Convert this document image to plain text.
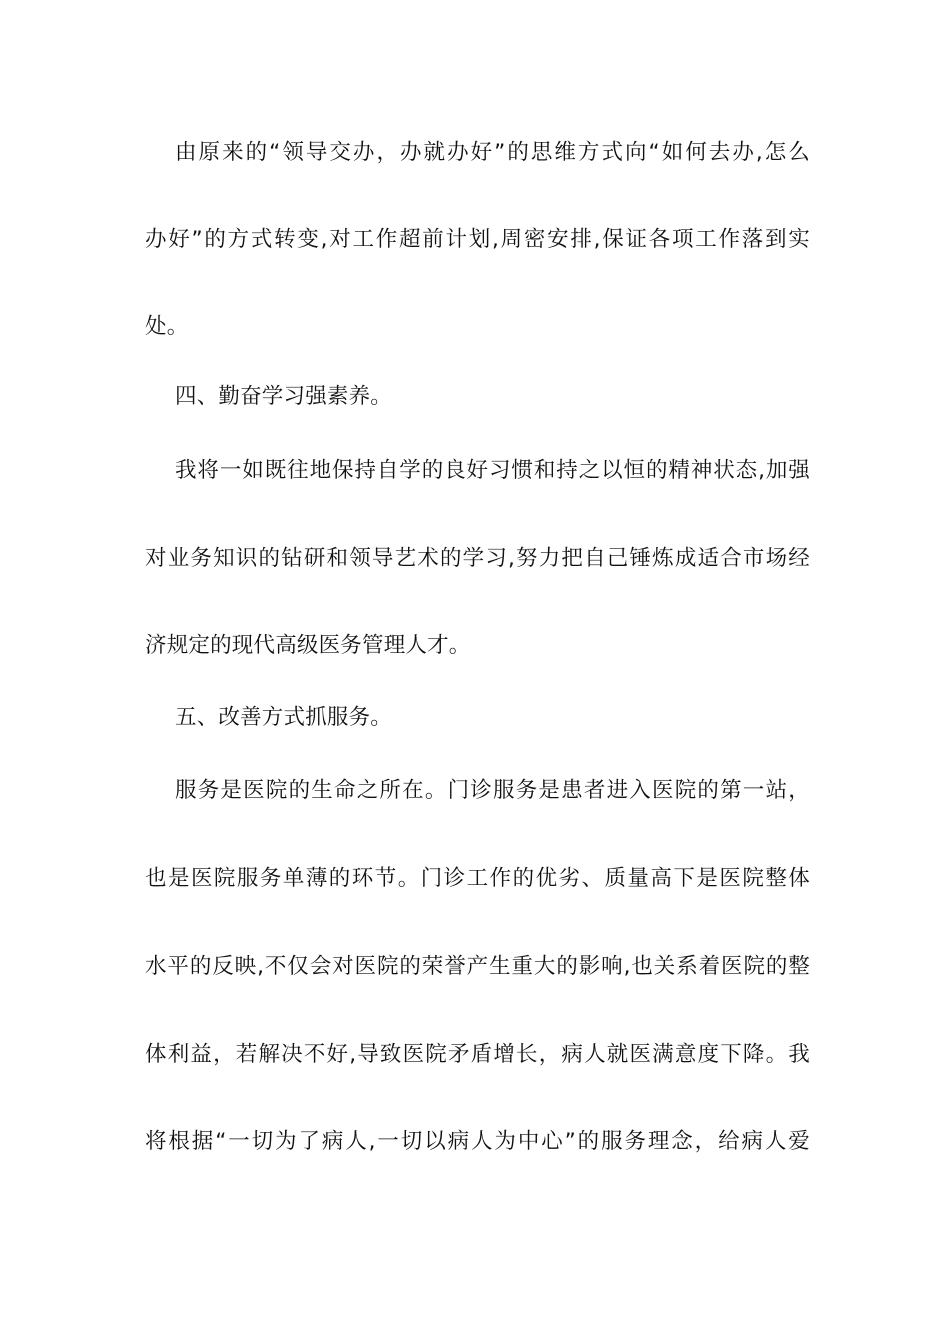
由原来的“领导交办，办就办好”的思维方式向“如何去办,怎么
办好”的方式转变,对工作超前计划,周密安排,保证各项工作落到实
处。
四、勤奋学习强素养。
我将一如既往地保持自学的良好习惯和持之以恒的精神状态,加强
对业务知识的钻研和领导艺术的学习,努力把自己锤炼成适合市场经
济规定的现代高级医务管理人才。
五、改善方式抓服务。
服务是医院的生命之所在。门诊服务是患者进入医院的第一站，
也是医院服务单薄的环节。门诊工作的优劣、质量高下是医院整体
水平的反映,不仅会对医院的荣誉产生重大的影响,也关系着医院的整
体利益，若解决不好,导致医院矛盾增长，病人就医满意度下降。我
将根据“一切为了病人,一切以病人为中心”的服务理念，给病人爱
